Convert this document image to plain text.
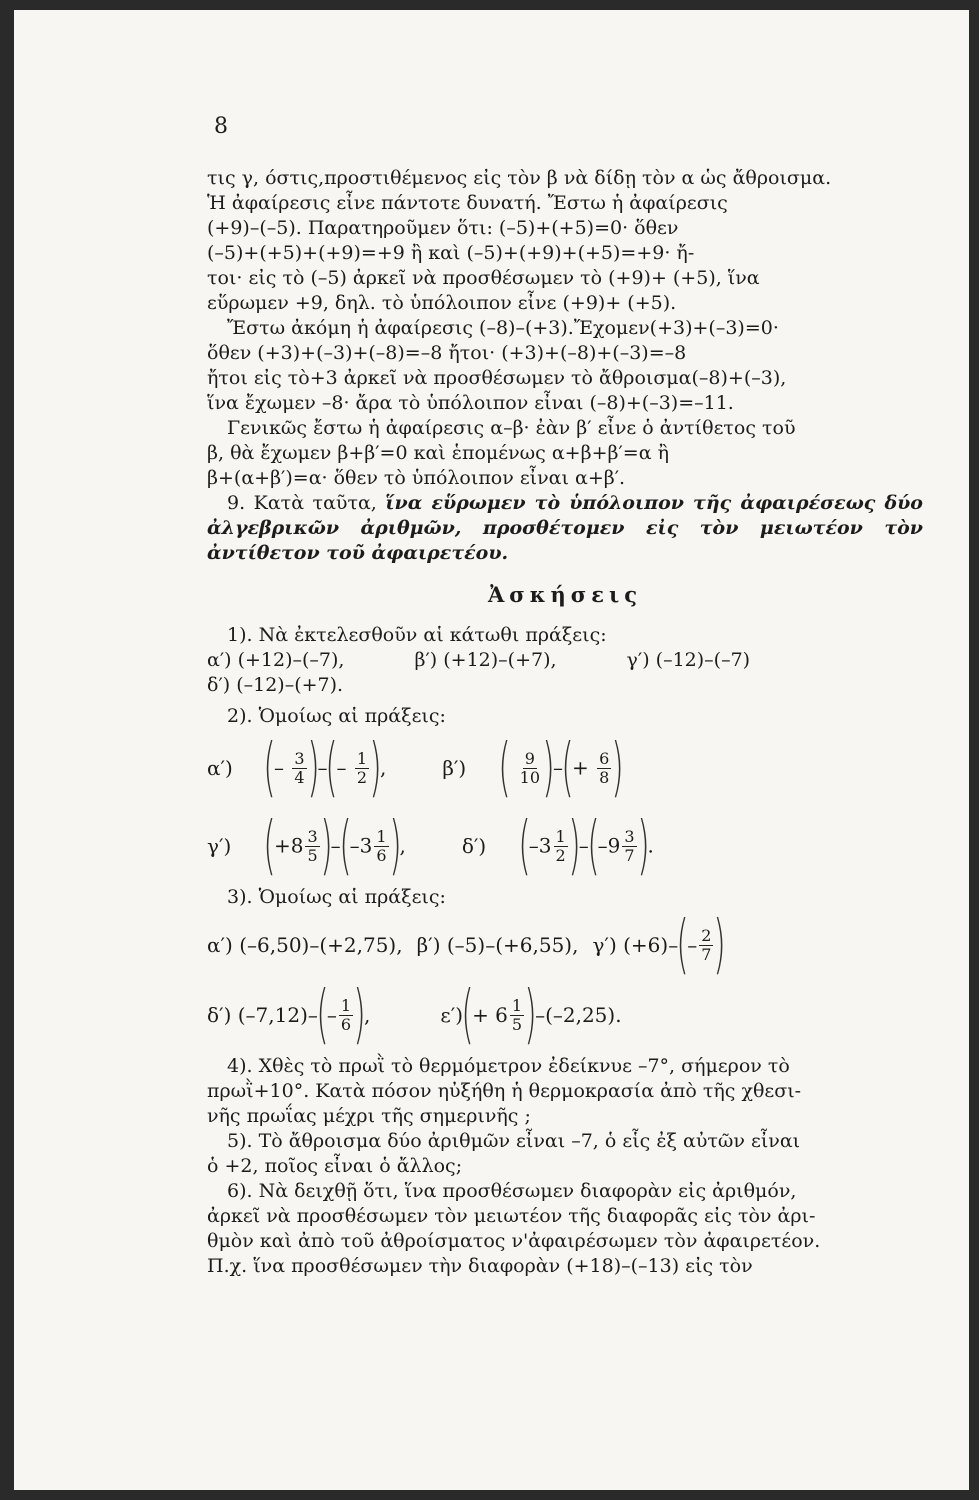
8
τις γ, όστις,προστιθέμενος εἰς τὸν β νὰ δίδῃ τὸν α ὡς ἄθροισμα.
Ἡ ἀφαίρεσις εἶνε πάντοτε δυνατή. Ἔστω ἡ ἀφαίρεσις
(+9)–(–5). Παρατηροῦμεν ὅτι: (–5)+(+5)=0· ὅθεν
(–5)+(+5)+(+9)=+9 ἢ καὶ (–5)+(+9)+(+5)=+9· ἤ-
τοι· εἰς τὸ (–5) ἀρκεῖ νὰ προσθέσωμεν τὸ (+9)+ (+5), ἵνα
εὕρωμεν +9, δηλ. τὸ ὑπόλοιπον εἶνε (+9)+ (+5).
Ἔστω ἀκόμη ἡ ἀφαίρεσις (–8)–(+3).Ἔχομεν(+3)+(–3)=0·
ὅθεν (+3)+(–3)+(–8)=–8 ἤτοι· (+3)+(–8)+(–3)=–8
ἤτοι εἰς τὸ+3 ἀρκεῖ νὰ προσθέσωμεν τὸ ἄθροισμα(–8)+(–3),
ἵνα ἔχωμεν –8· ἄρα τὸ ὑπόλοιπον εἶναι (–8)+(–3)=–11.
Γενικῶς ἔστω ἡ ἀφαίρεσις α–β· ἐὰν β′ εἶνε ὁ ἀντίθετος τοῦ
β, θὰ ἔχωμεν β+β′=0 καὶ ἑπομένως α+β+β′=α ἢ
β+(α+β′)=α· ὅθεν τὸ ὑπόλοιπον εἶναι α+β′.
9. Κατὰ ταῦτα, ἵνα εὕρωμεν τὸ ὑπόλοιπον τῆς ἀφαιρέσεως δύο ἀλγεβρικῶν ἀριθμῶν, προσθέτομεν εἰς τὸν μειωτέον τὸν ἀντίθετον τοῦ ἀφαιρετέου.
Ἀσκήσεις
1). Νὰ ἐκτελεσθοῦν αἱ κάτωθι πράξεις:
α′) (+12)–(–7),	β′) (+12)–(+7),	γ′) (–12)–(–7)
δ′) (–12)–(+7).
2). Ὁμοίως αἱ πράξεις:
α′) (– $\frac{3}{4}$ )–(– $\frac{1}{2}$ ),	β′) ( $\frac{9}{10}$ )–(+ $\frac{6}{8}$ )
γ′) $(+8 \frac{3}{5} )-(-3 \frac{1}{6}$ ),	δ′) $(-3 \frac{1}{2} )-(-9 \frac{3}{7}$ ).
3). Ὁμοίως αἱ πράξεις:
α′) (–6,50)–(+2,75), β′) (–5)–(+6,55), γ′) (+6)–
(
– $\frac{2}{7}$ )
δ′) (–7,12)–
(
– $\frac{1}{6}$ )
,	ε′)
(
+ $6 \frac{1}{5}$ )
–(–2,25).
4). Χθὲς τὸ πρωῒ τὸ θερμόμετρον ἐδείκνυε –7°, σήμερον τὸ
πρωῒ+10°. Κατὰ πόσον ηὐξήθη ἡ θερμοκρασία ἀπὸ τῆς χθεσι-
νῆς πρωΐας μέχρι τῆς σημερινῆς ;
5). Τὸ ἄθροισμα δύο ἀριθμῶν εἶναι –7, ὁ εἷς ἐξ αὐτῶν εἶναι
ὁ +2, ποῖος εἶναι ὁ ἄλλος;
6). Νὰ δειχθῇ ὅτι, ἵνα προσθέσωμεν διαφορὰν εἰς ἀριθμόν,
ἀρκεῖ νὰ προσθέσωμεν τὸν μειωτέον τῆς διαφορᾶς εἰς τὸν ἀρι-
θμὸν καὶ ἀπὸ τοῦ ἀθροίσματος ν'ἀφαιρέσωμεν τὸν ἀφαιρετέον.
Π.χ. ἵνα προσθέσωμεν τὴν διαφορὰν (+18)–(–13) εἰς τὸν
